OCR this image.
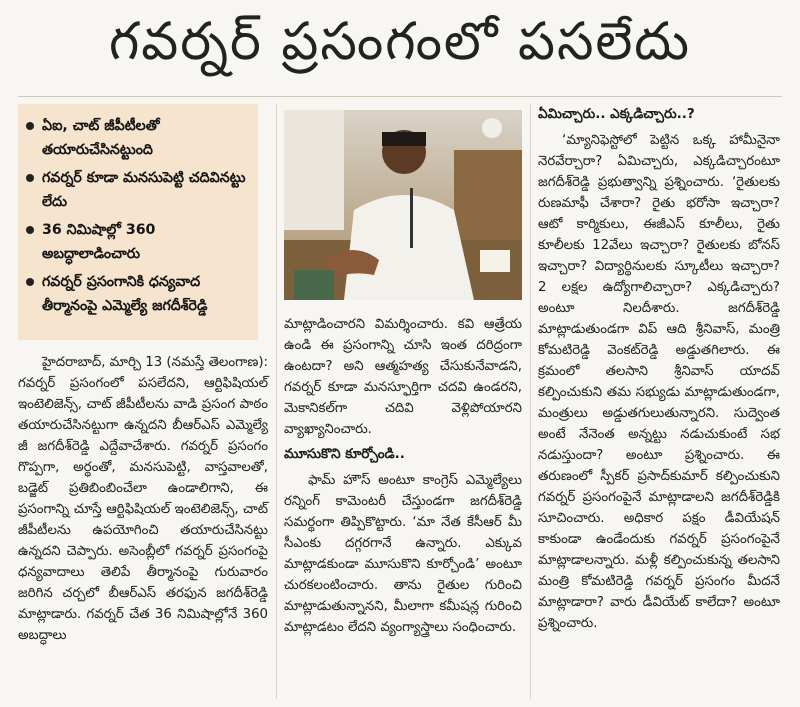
గవర్నర్ ప్రసంగంలో పసలేదు
ఏఐ, చాట్ జీపీటీలతో తయారుచేసినట్టుంది
గవర్నర్ కూడా మనసుపెట్టి చదివినట్టు లేదు
36 నిమిషాల్లో 360 అబద్ధాలాడించారు
గవర్నర్ ప్రసంగానికి ధన్యవాద తీర్మానంపై ఎమ్మెల్యే జగదీశ్‌రెడ్డి

హైదరాబాద్, మార్చి 13 (నమస్తే తెలంగాణ): గవర్నర్ ప్రసంగంలో పసలేదని, ఆర్టిఫిషియల్ ఇంటెలిజెన్స్, చాట్ జీపీటీలను వాడి ప్రసంగ పాఠం తయారుచేసినట్టుగా ఉన్నదని బీఆర్ఎస్ ఎమ్మెల్యే జీ జగదీశ్‌రెడ్డి ఎద్దేవాచేశారు. గవర్నర్ ప్రసంగం గొప్పగా, అర్థంతో, మనసుపెట్టి, వాస్తవాలతో, బడ్జెట్ ప్రతిబింబించేలా ఉండాలిగాని, ఈ ప్రసంగాన్ని చూస్తే ఆర్టిఫిషియల్ ఇంటెలిజెన్స్, చాట్ జీపీటీలను ఉపయోగించి తయారుచేసినట్టు ఉన్నదని చెప్పారు. అసెంబ్లీలో గవర్నర్ ప్రసంగంపై ధన్యవాదాలు తెలిపే తీర్మానంపై గురువారం జరిగిన చర్చలో బీఆర్ఎస్ తరఫున జగదీశ్‌రెడ్డి మాట్లాడారు. గవర్నర్ చేత 36 నిమిషాల్లోనే 360 అబద్ధాలు

మాట్లాడించారని విమర్శించారు. కవి ఆత్రేయ ఉండి ఈ ప్రసంగాన్ని చూసి ఇంత దరిద్రంగా ఉంటదా? అని ఆత్మహత్య చేసుకునేవాడని, గవర్నర్ కూడా మనస్ఫూర్తిగా చదవి ఉండరని, మెకానికల్‌గా చదివి వెళ్లిపోయారని వ్యాఖ్యానించారు.

మూసుకొని కూర్చోండి..

ఫామ్ హౌస్ అంటూ కాంగ్రెస్ ఎమ్మెల్యేలు రన్నింగ్ కామెంటరీ చేస్తుండగా జగదీశ్‌రెడ్డి సమర్థంగా తిప్పికొట్టారు. ‘మా నేత కేసీఆర్ మీ సీఎంకు దగ్గరగానే ఉన్నారు. ఎక్కువ మాట్లాడకుండా మూసుకొని కూర్చోండి’ అంటూ చురకలంటించారు. తాను రైతుల గురించి మాట్లాడుతున్నానని, మీలాగా కమీషన్ల గురించి మాట్లాడటం లేదని వ్యంగ్యాస్త్రాలు సంధించారు.

ఏమిచ్చారు.. ఎక్కడిచ్చారు..?

‘మ్యానిఫెస్టోలో పెట్టిన ఒక్క హామీనైనా నెరవేర్చారా? ఏమిచ్చారు, ఎక్కడిచ్చారంటూ జగదీశ్‌రెడ్డి ప్రభుత్వాన్ని ప్రశ్నించారు. ‘రైతులకు రుణమాఫీ చేశారా? రైతు భరోసా ఇచ్చారా? ఆటో కార్మికులు, ఈజీఎస్ కూలీలు, రైతు కూలీలకు 12వేలు ఇచ్చారా? రైతులకు బోనస్ ఇచ్చారా? విద్యార్థినులకు స్కూటీలు ఇచ్చారా? 2 లక్షల ఉద్యోగాలిచ్చారా? ఎక్కడిచ్చారు? అంటూ నిలదీశారు. జగదీశ్‌రెడ్డి మాట్లాడుతుండగా విప్ ఆది శ్రీనివాస్, మంత్రి కోమటిరెడ్డి వెంకట్‌రెడ్డి అడ్డుతగిలారు. ఈ క్రమంలో తలసాని శ్రీనివాస్ యాదవ్ కల్పించుకుని తమ సభ్యుడు మాట్లాడుతుండగా, మంత్రులు అడ్డుతగులుతున్నారని. సుద్వెంత అంటే నేనెంత అన్నట్టు నడుచుకుంటే సభ నడుస్తుందా? అంటూ ప్రశ్నించారు. ఈ తరుణంలో స్పీకర్ ప్రసాద్‌కుమార్ కల్పించుకుని గవర్నర్ ప్రసంగంపైనే మాట్లాడాలని జగదీశ్‌రెడ్డికి సూచించారు. అధికార పక్షం డీవియేషన్ కాకుండా ఉండేందుకు గవర్నర్ ప్రసంగంపైనే మాట్లాడాలన్నారు. మళ్లీ కల్పించుకున్న తలసాని మంత్రి కోమటిరెడ్డి గవర్నర్ ప్రసంగం మీదనే మాట్లాడారా? వారు డీవియేట్ కాలేదా? అంటూ ప్రశ్నించారు.
